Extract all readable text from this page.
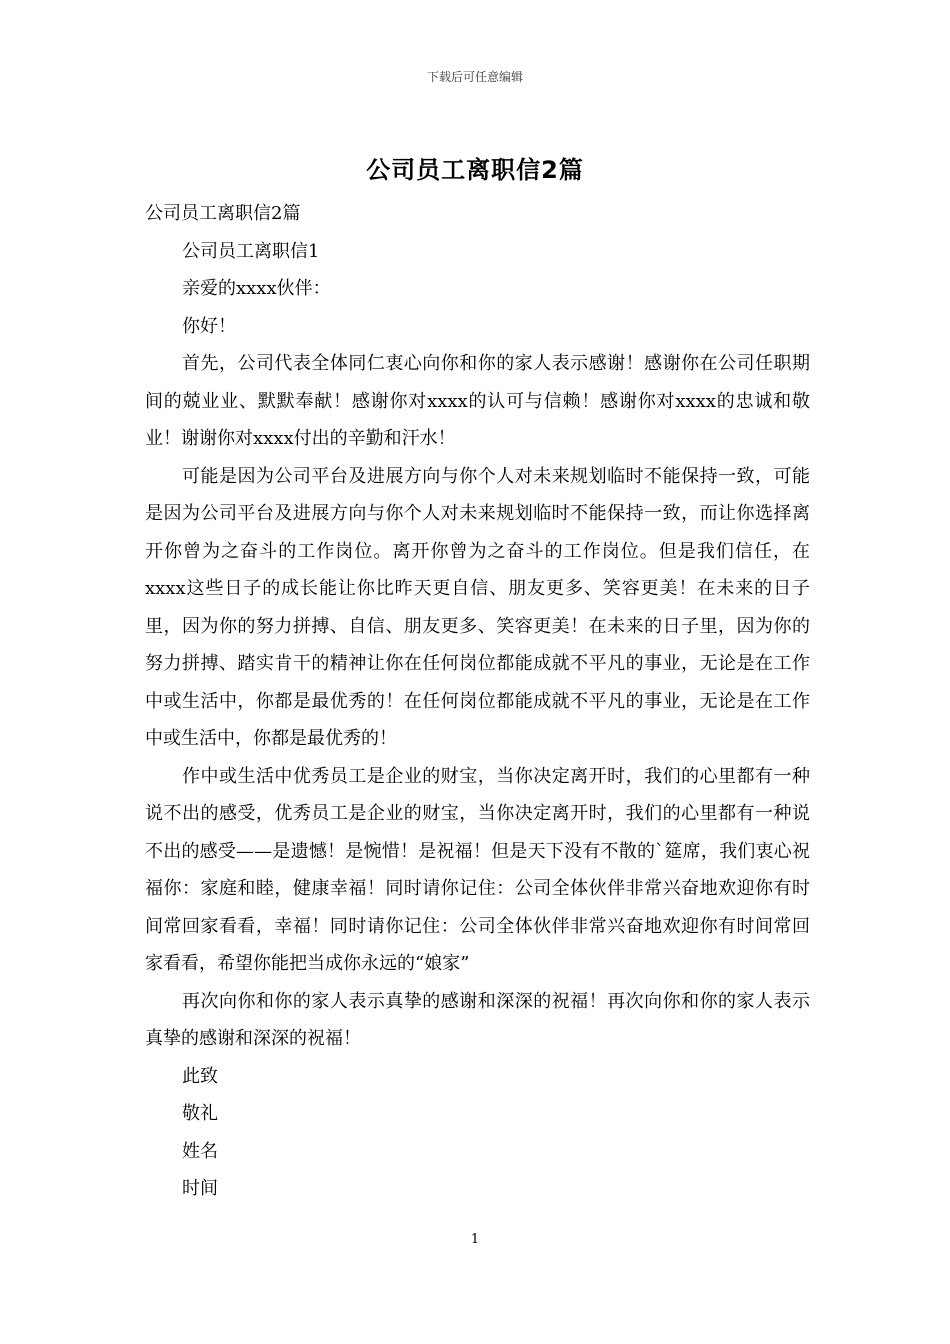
下载后可任意编辑
公司员工离职信2篇

公司员工离职信2篇

公司员工离职信1

亲爱的xxxx伙伴：

你好！

首先，公司代表全体同仁衷心向你和你的家人表示感谢！感谢你在公司任职期间的兢业业、默默奉献！感谢你对xxxx的认可与信赖！感谢你对xxxx的忠诚和敬业！谢谢你对xxxx付出的辛勤和汗水！

可能是因为公司平台及进展方向与你个人对未来规划临时不能保持一致，可能是因为公司平台及进展方向与你个人对未来规划临时不能保持一致，而让你选择离开你曾为之奋斗的工作岗位。离开你曾为之奋斗的工作岗位。但是我们信任，在xxxx这些日子的成长能让你比昨天更自信、朋友更多、笑容更美！在未来的日子里，因为你的努力拼搏、自信、朋友更多、笑容更美！在未来的日子里，因为你的努力拼搏、踏实肯干的精神让你在任何岗位都能成就不平凡的事业，无论是在工作中或生活中，你都是最优秀的！在任何岗位都能成就不平凡的事业，无论是在工作中或生活中，你都是最优秀的！

作中或生活中优秀员工是企业的财宝，当你决定离开时，我们的心里都有一种说不出的感受，优秀员工是企业的财宝，当你决定离开时，我们的心里都有一种说不出的感受——是遗憾！是惋惜！是祝福！但是天下没有不散的`筵席，我们衷心祝福你：家庭和睦，健康幸福！同时请你记住：公司全体伙伴非常兴奋地欢迎你有时间常回家看看，幸福！同时请你记住：公司全体伙伴非常兴奋地欢迎你有时间常回家看看，希望你能把当成你永远的“娘家”

再次向你和你的家人表示真挚的感谢和深深的祝福！再次向你和你的家人表示真挚的感谢和深深的祝福！

此致

敬礼

姓名

时间

1
